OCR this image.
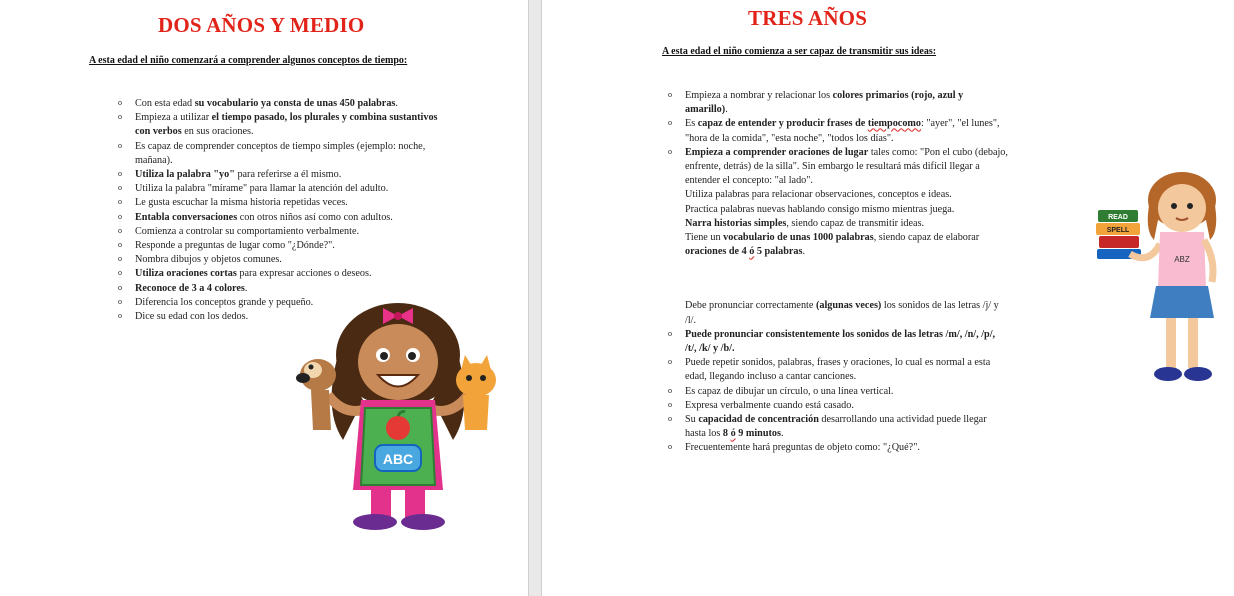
DOS AÑOS Y MEDIO

A esta edad el niño comenzará a comprender algunos conceptos de tiempo:

o Con esta edad su vocabulario ya consta de unas 450 palabras.
o Empieza a utilizar el tiempo pasado, los plurales y combina sustantivos con verbos en sus oraciones.
o Es capaz de comprender conceptos de tiempo simples (ejemplo: noche, mañana).
o Utiliza la palabra "yo" para referirse a él mismo.
o Utiliza la palabra "mírame" para llamar la atención del adulto.
o Le gusta escuchar la misma historia repetidas veces.
o Entabla conversaciones con otros niños así como con adultos.
o Comienza a controlar su comportamiento verbalmente.
o Responde a preguntas de lugar como "¿Dónde?".
o Nombra dibujos y objetos comunes.
o Utiliza oraciones cortas para expresar acciones o deseos.
o Reconoce de 3 a 4 colores.
o Diferencia los conceptos grande y pequeño.
o Dice su edad con los dedos.
ABC
TRES AÑOS

A esta edad el niño comienza a ser capaz de transmitir sus ideas:

o Empieza a nombrar y relacionar los colores primarios (rojo, azul y amarillo).
o Es capaz de entender y producir frases de tiempocomo: "ayer", "el lunes", "hora de la comida", "esta noche", "todos los días".
o Empieza a comprender oraciones de lugar tales como: "Pon el cubo (debajo, enfrente, detrás) de la silla". Sin embargo le resultará más difícil llegar a entender el concepto: "al lado".
Utiliza palabras para relacionar observaciones, conceptos e ideas.
Practica palabras nuevas hablando consigo mismo mientras juega.
Narra historias simples, siendo capaz de transmitir ideas.
Tiene un vocabulario de unas 1000 palabras, siendo capaz de elaborar oraciones de 4 ó 5 palabras.
Debe pronunciar correctamente (algunas veces) los sonidos de las letras /j/ y /l/.
o Puede pronunciar consistentemente los sonidos de las letras /m/, /n/, /p/, /t/, /k/ y /b/.
o Puede repetir sonidos, palabras, frases y oraciones, lo cual es normal a esta edad, llegando incluso a cantar canciones.
o Es capaz de dibujar un círculo, o una línea vertical.
o Expresa verbalmente cuando está casado.
o Su capacidad de concentración desarrollando una actividad puede llegar hasta los 8 ó 9 minutos.
o Frecuentemente hará preguntas de objeto como: "¿Qué?".
READ
SPELL
ABZ
